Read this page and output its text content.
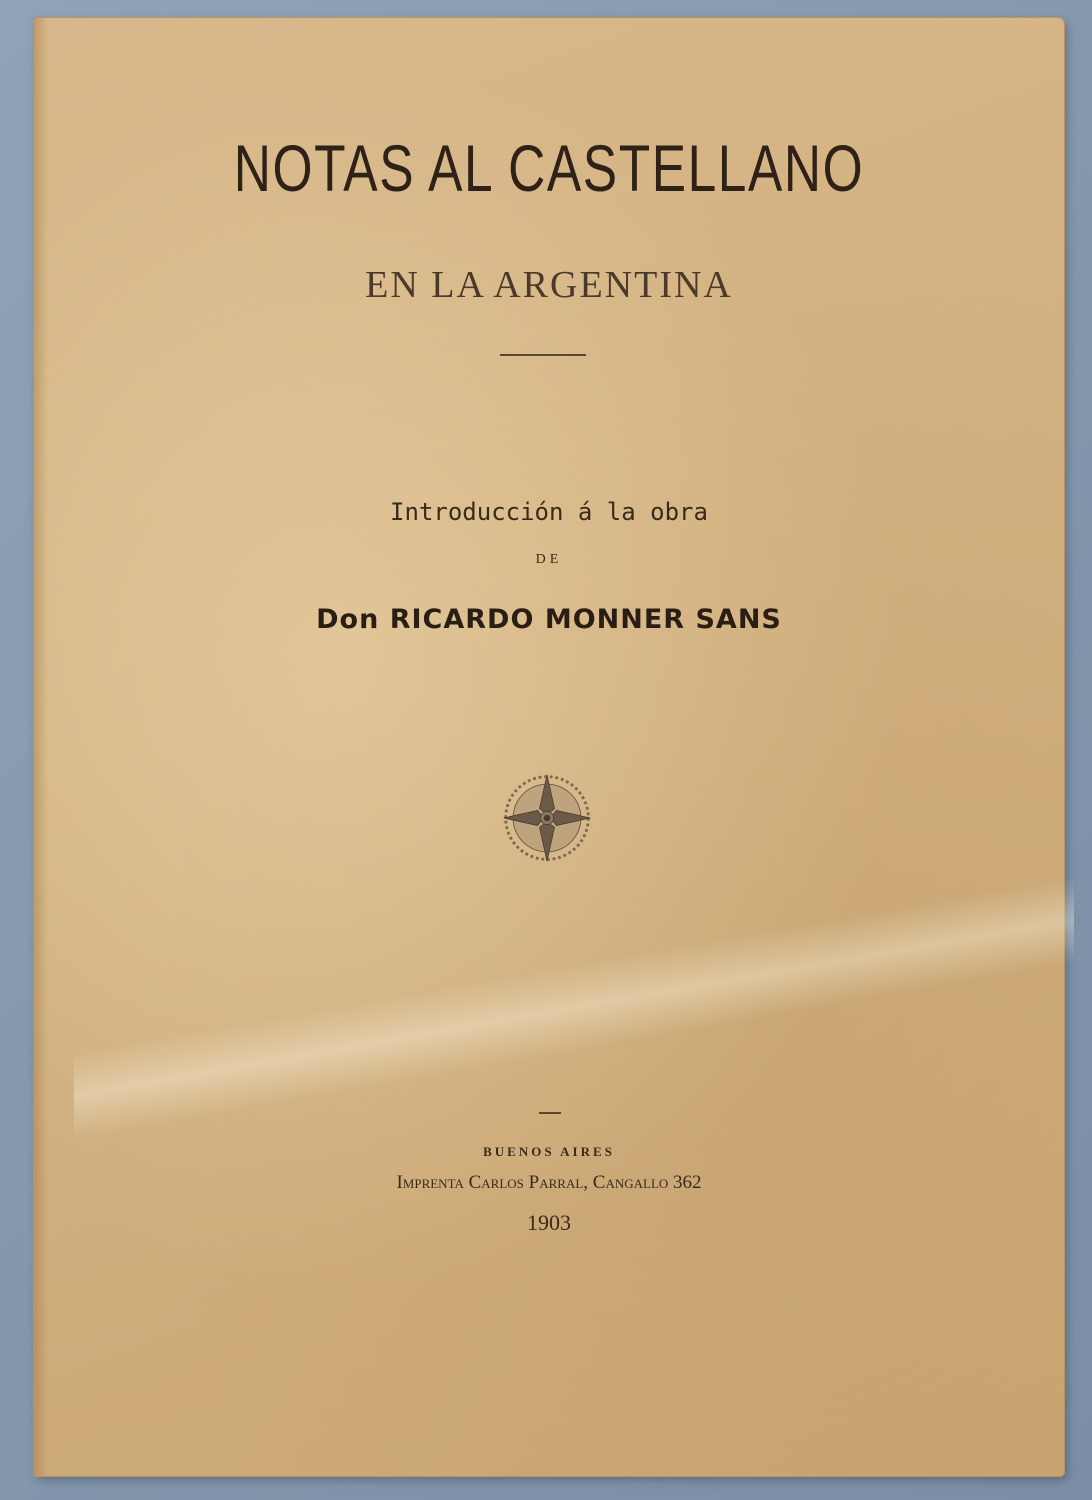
NOTAS AL CASTELLANO
EN LA ARGENTINA
Introducción á la obra
DE
Don RICARDO MONNER SANS
BUENOS AIRES
Imprenta Carlos Parral, Cangallo 362
1903
